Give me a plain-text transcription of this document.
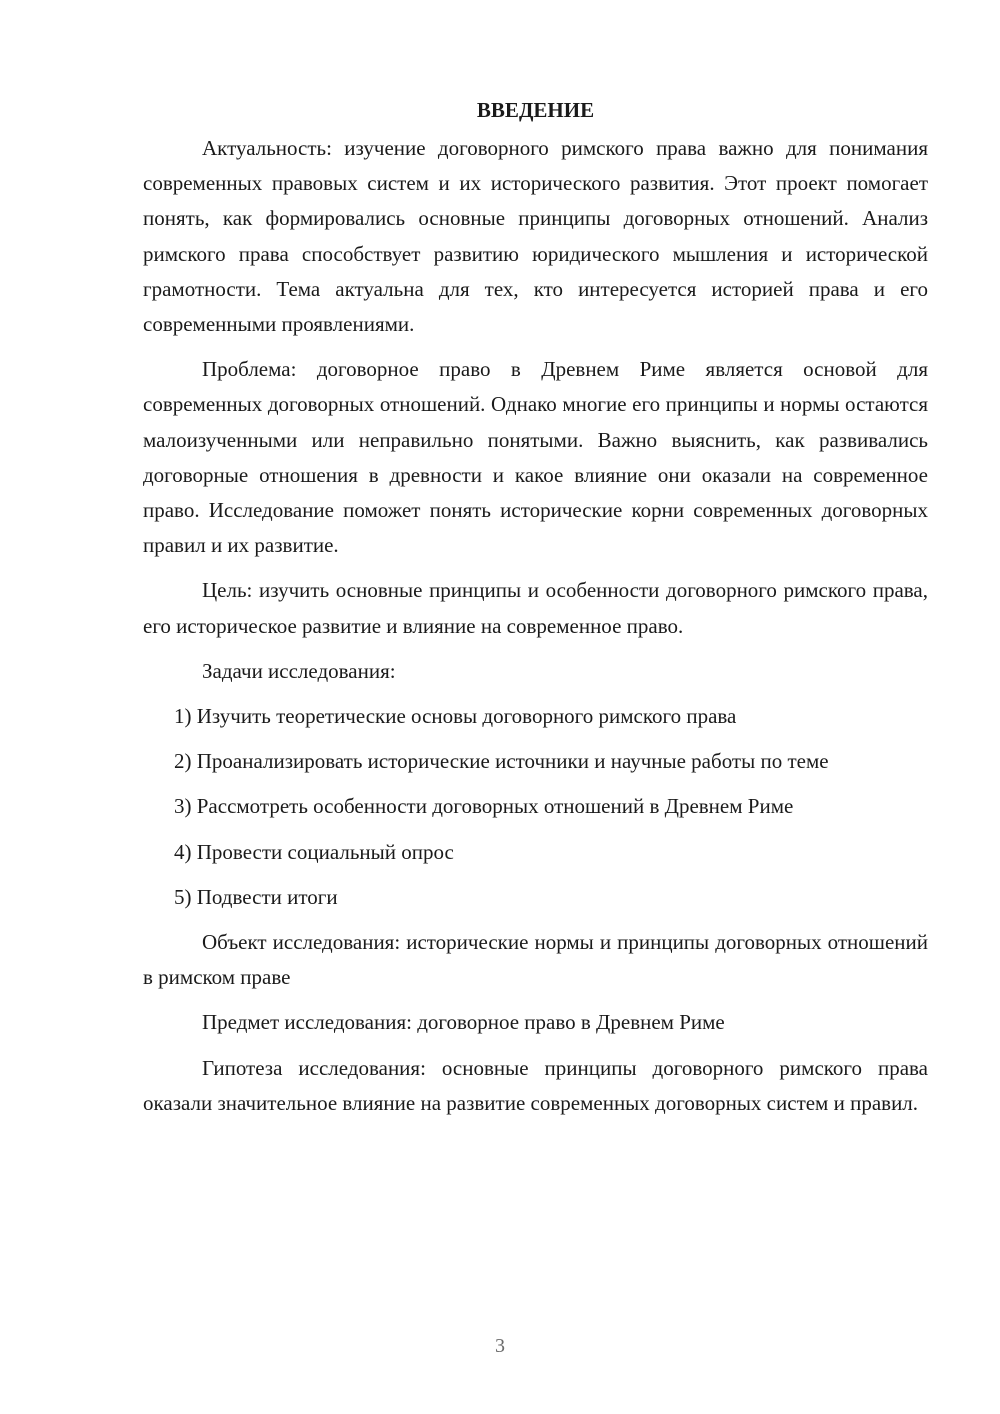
ВВЕДЕНИЕ

Актуальность: изучение договорного римского права важно для понимания современных правовых систем и их исторического развития. Этот проект помогает понять, как формировались основные принципы договорных отношений. Анализ римского права способствует развитию юридического мышления и исторической грамотности. Тема актуальна для тех, кто интересуется историей права и его современными проявлениями.

Проблема: договорное право в Древнем Риме является основой для современных договорных отношений. Однако многие его принципы и нормы остаются малоизученными или неправильно понятыми. Важно выяснить, как развивались договорные отношения в древности и какое влияние они оказали на современное право. Исследование поможет понять исторические корни современных договорных правил и их развитие.

Цель: изучить основные принципы и особенности договорного римского права, его историческое развитие и влияние на современное право.

Задачи исследования:

1) Изучить теоретические основы договорного римского права

2) Проанализировать исторические источники и научные работы по теме

3) Рассмотреть особенности договорных отношений в Древнем Риме

4) Провести социальный опрос

5) Подвести итоги

Объект исследования: исторические нормы и принципы договорных отношений в римском праве

Предмет исследования: договорное право в Древнем Риме

Гипотеза исследования: основные принципы договорного римского права оказали значительное влияние на развитие современных договорных систем и правил.

3
